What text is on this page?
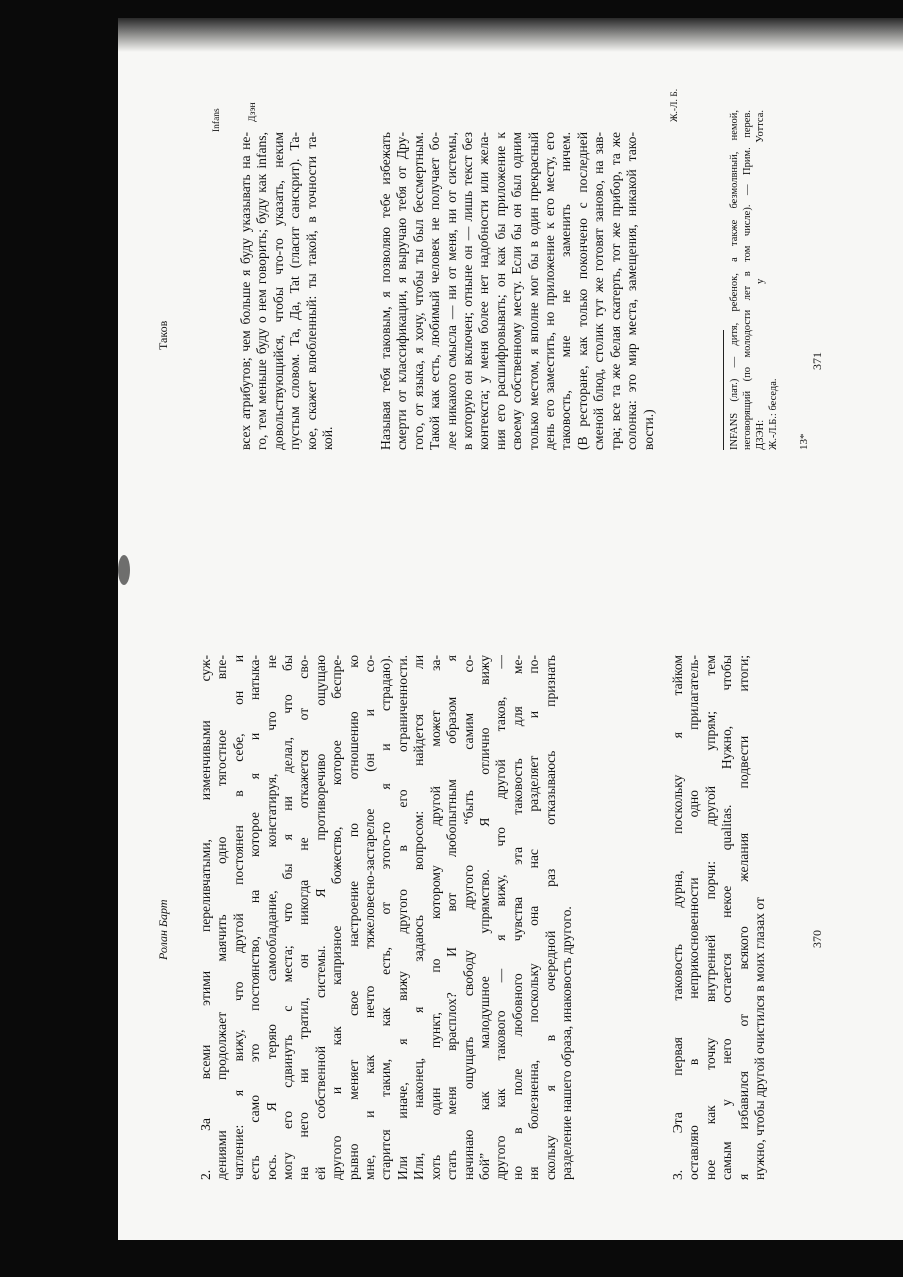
Ролан Барт 2. За всеми этими переливчатыми, изменчивыми суж- дениями продолжает маячить одно тягостное впе- чатление: я вижу, что другой постоянен в себе, он и есть само это постоянство, на которое я и натыка- юсь. Я теряю самообладание, констатируя, что не могу его сдвинуть с места; что бы я ни делал, что бы на него ни тратил, он никогда не откажется от сво- ей собственной системы. Я противоречиво ощущаю другого и как капризное божество, которое беспре- рывно меняет свое настроение по отношению ко мне, и как нечто тяжеловесно-застарелое (он и со- старится таким, как есть, от этого-то я и страдаю). Или иначе, я вижу другого в его ограниченности. Или, наконец, я задаюсь вопросом: найдется ли хоть один пункт, по которому другой может за- стать меня врасплох? И вот любопытным образом я начинаю ощущать свободу другого “быть самим со- бой” как малодушное упрямство. Я отлично вижу другого как такового — я вижу, что другой таков, — но в поле любовного чувства эта таковость для ме- ня болезненна, поскольку она нас разделяет и по- скольку я в очередной раз отказываюсь признать разделение нашего образа, инаковость другого.	3. Эта первая таковость дурна, поскольку я тайком оставляю в неприкосновенности одно прилагатель- ное как точку внутренней порчи: другой упрям; тем самым у него остается некое qualitas. Нужно, чтобы я избавился от всякого желания подвести итоги; нужно, чтобы другой очистился в моих глазах от	370
Таков
Infans	Дзэн
всех атрибутов; чем больше я буду указывать на не- го, тем меньше буду о нем говорить; буду как infans, довольствующийся, чтобы что-то указать, неким пустым словом. Та, Да, Tat (гласит санскрит). Та- кое, скажет влюбленный: ты такой, в точности та- кой.	Называя тебя таковым, я позволяю тебе избежать смерти от классификации, я выручаю тебя от Дру- гого, от языка, я хочу, чтобы ты был бессмертным. Такой как есть, любимый человек не получает бо- лее никакого смысла — ни от меня, ни от системы, в которую он включен; отныне он — лишь текст без контекста; у меня более нет надобности или жела- ния его расшифровывать; он как бы приложение к своему собственному месту. Если бы он был одним только местом, я вполне мог бы в один прекрасный день его заместить, но приложение к его месту, его таковость, мне не заменить ничем. (В ресторане, как только покончено с последней сменой блюд, столик тут же готовят заново, на зав- тра; все та же белая скатерть, тот же прибор, та же солонка: это мир места, замещения, никакой тако- вости.)
Ж.-Л. Б.
INFANS (лат.) — дитя, ребенок, а также безмолвный, немой, неговорящий (по молодости лет в том числе). — Прим. перев. ДЗЭН: у Уоттса. Ж.-Л.Б.: беседа. 13*
371
